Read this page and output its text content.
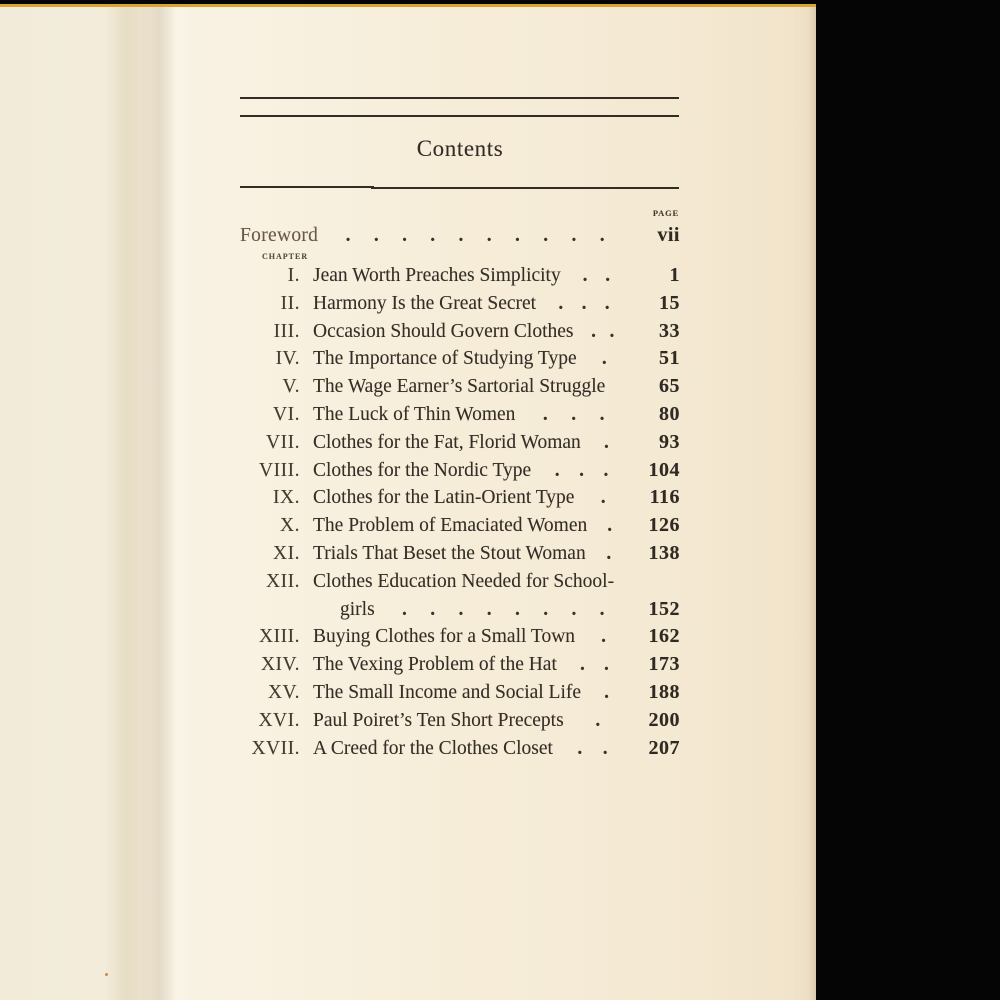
Contents
PAGE
Foreword . . . . . . . . . .	vii
CHAPTER
I. Jean Worth Preaches Simplicity . .	1
II. Harmony Is the Great Secret . . .	15
III. Occasion Should Govern Clothes . .	33
IV. The Importance of Studying Type .	51
V. The Wage Earner’s Sartorial Struggle	65
VI. The Luck of Thin Women . . .	80
VII. Clothes for the Fat, Florid Woman .	93
VIII. Clothes for the Nordic Type . . .	104
IX. Clothes for the Latin-Orient Type .	116
X. The Problem of Emaciated Women .	126
XI. Trials That Beset the Stout Woman .	138
XII. Clothes Education Needed for School-
girls . . . . . . . .	152
XIII. Buying Clothes for a Small Town .	162
XIV. The Vexing Problem of the Hat . .	173
XV. The Small Income and Social Life .	188
XVI. Paul Poiret’s Ten Short Precepts .	200
XVII. A Creed for the Clothes Closet . .	207
